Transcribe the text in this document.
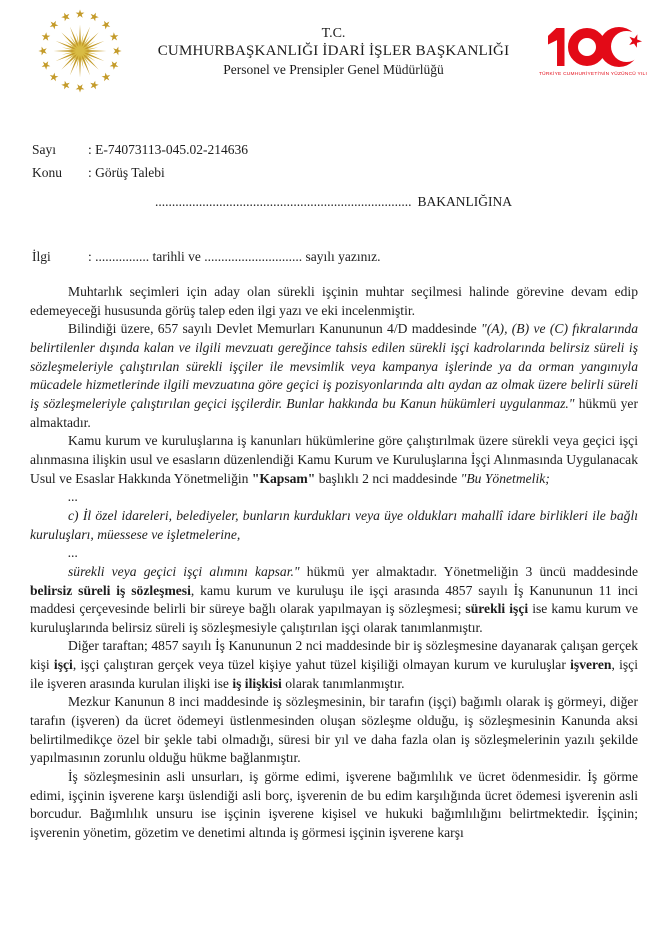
T.C.
CUMHURBAŞKANLIĞI İDARİ İŞLER BAŞKANLIĞI
Personel ve Prensipler Genel Müdürlüğü	TÜRKİYE CUMHURİYETİ'NİN YÜZÜNCÜ YILI
Sayı	: E-74073113-045.02-214636
Konu	: Görüş Talebi
............................................................................ BAKANLIĞINA
İlgi	: ................ tarihli ve ............................. sayılı yazınız.

Muhtarlık seçimleri için aday olan sürekli işçinin muhtar seçilmesi halinde görevine devam edip edemeyeceği hususunda görüş talep eden ilgi yazı ve eki incelenmiştir.

Bilindiği üzere, 657 sayılı Devlet Memurları Kanununun 4/D maddesinde "(A), (B) ve (C) fıkralarında belirtilenler dışında kalan ve ilgili mevzuatı gereğince tahsis edilen sürekli işçi kadrolarında belirsiz süreli iş sözleşmeleriyle çalıştırılan sürekli işçiler ile mevsimlik veya kampanya işlerinde ya da orman yangınıyla mücadele hizmetlerinde ilgili mevzuatına göre geçici iş pozisyonlarında altı aydan az olmak üzere belirli süreli iş sözleşmeleriyle çalıştırılan geçici işçilerdir. Bunlar hakkında bu Kanun hükümleri uygulanmaz." hükmü yer almaktadır.

Kamu kurum ve kuruluşlarına iş kanunları hükümlerine göre çalıştırılmak üzere sürekli veya geçici işçi alınmasına ilişkin usul ve esasların düzenlendiği Kamu Kurum ve Kuruluşlarına İşçi Alınmasında Uygulanacak Usul ve Esaslar Hakkında Yönetmeliğin "Kapsam" başlıklı 2 nci maddesinde "Bu Yönetmelik;

...

c) İl özel idareleri, belediyeler, bunların kurdukları veya üye oldukları mahallî idare birlikleri ile bağlı kuruluşları, müessese ve işletmelerine,

...

sürekli veya geçici işçi alımını kapsar." hükmü yer almaktadır. Yönetmeliğin 3 üncü maddesinde belirsiz süreli iş sözleşmesi, kamu kurum ve kuruluşu ile işçi arasında 4857 sayılı İş Kanununun 11 inci maddesi çerçevesinde belirli bir süreye bağlı olarak yapılmayan iş sözleşmesi; sürekli işçi ise kamu kurum ve kuruluşlarında belirsiz süreli iş sözleşmesiyle çalıştırılan işçi olarak tanımlanmıştır.

Diğer taraftan; 4857 sayılı İş Kanununun 2 nci maddesinde bir iş sözleşmesine dayanarak çalışan gerçek kişi işçi, işçi çalıştıran gerçek veya tüzel kişiye yahut tüzel kişiliği olmayan kurum ve kuruluşlar işveren, işçi ile işveren arasında kurulan ilişki ise iş ilişkisi olarak tanımlanmıştır.

Mezkur Kanunun 8 inci maddesinde iş sözleşmesinin, bir tarafın (işçi) bağımlı olarak iş görmeyi, diğer tarafın (işveren) da ücret ödemeyi üstlenmesinden oluşan sözleşme olduğu, iş sözleşmesinin Kanunda aksi belirtilmedikçe özel bir şekle tabi olmadığı, süresi bir yıl ve daha fazla olan iş sözleşmelerinin yazılı şekilde yapılmasının zorunlu olduğu hükme bağlanmıştır.

İş sözleşmesinin asli unsurları, iş görme edimi, işverene bağımlılık ve ücret ödenmesidir. İş görme edimi, işçinin işverene karşı üslendiği asli borç, işverenin de bu edim karşılığında ücret ödemesi işverenin asli borcudur. Bağımlılık unsuru ise işçinin işverene kişisel ve hukuki bağımlılığını belirtmektedir. İşçinin; işverenin yönetim, gözetim ve denetimi altında iş görmesi işçinin işverene karşı
